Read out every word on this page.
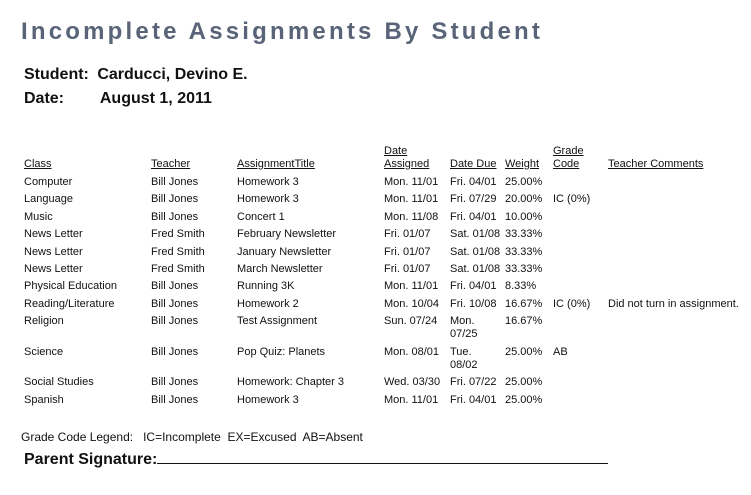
Incomplete Assignments By Student
Student: Carducci, Devino E.
Date: August 1, 2011
Class	Teacher	AssignmentTitle	Date Assigned	Date Due	Weight	Grade Code	Teacher Comments
Computer	Bill Jones	Homework 3	Mon. 11/01	Fri. 04/01	25.00%		
Language	Bill Jones	Homework 3	Mon. 11/01	Fri. 07/29	20.00%	IC (0%)	
Music	Bill Jones	Concert 1	Mon. 11/08	Fri. 04/01	10.00%		
News Letter	Fred Smith	February Newsletter	Fri. 01/07	Sat. 01/08	33.33%		
News Letter	Fred Smith	January Newsletter	Fri. 01/07	Sat. 01/08	33.33%		
News Letter	Fred Smith	March Newsletter	Fri. 01/07	Sat. 01/08	33.33%		
Physical Education	Bill Jones	Running 3K	Mon. 11/01	Fri. 04/01	8.33%		
Reading/Literature	Bill Jones	Homework 2	Mon. 10/04	Fri. 10/08	16.67%	IC (0%)	Did not turn in assignment.
Religion	Bill Jones	Test Assignment	Sun. 07/24	Mon. 07/25	16.67%		
Science	Bill Jones	Pop Quiz: Planets	Mon. 08/01	Tue. 08/02	25.00%	AB	
Social Studies	Bill Jones	Homework: Chapter 3	Wed. 03/30	Fri. 07/22	25.00%		
Spanish	Bill Jones	Homework 3	Mon. 11/01	Fri. 04/01	25.00%		
Grade Code Legend:   IC=Incomplete  EX=Excused  AB=Absent
Parent Signature:
